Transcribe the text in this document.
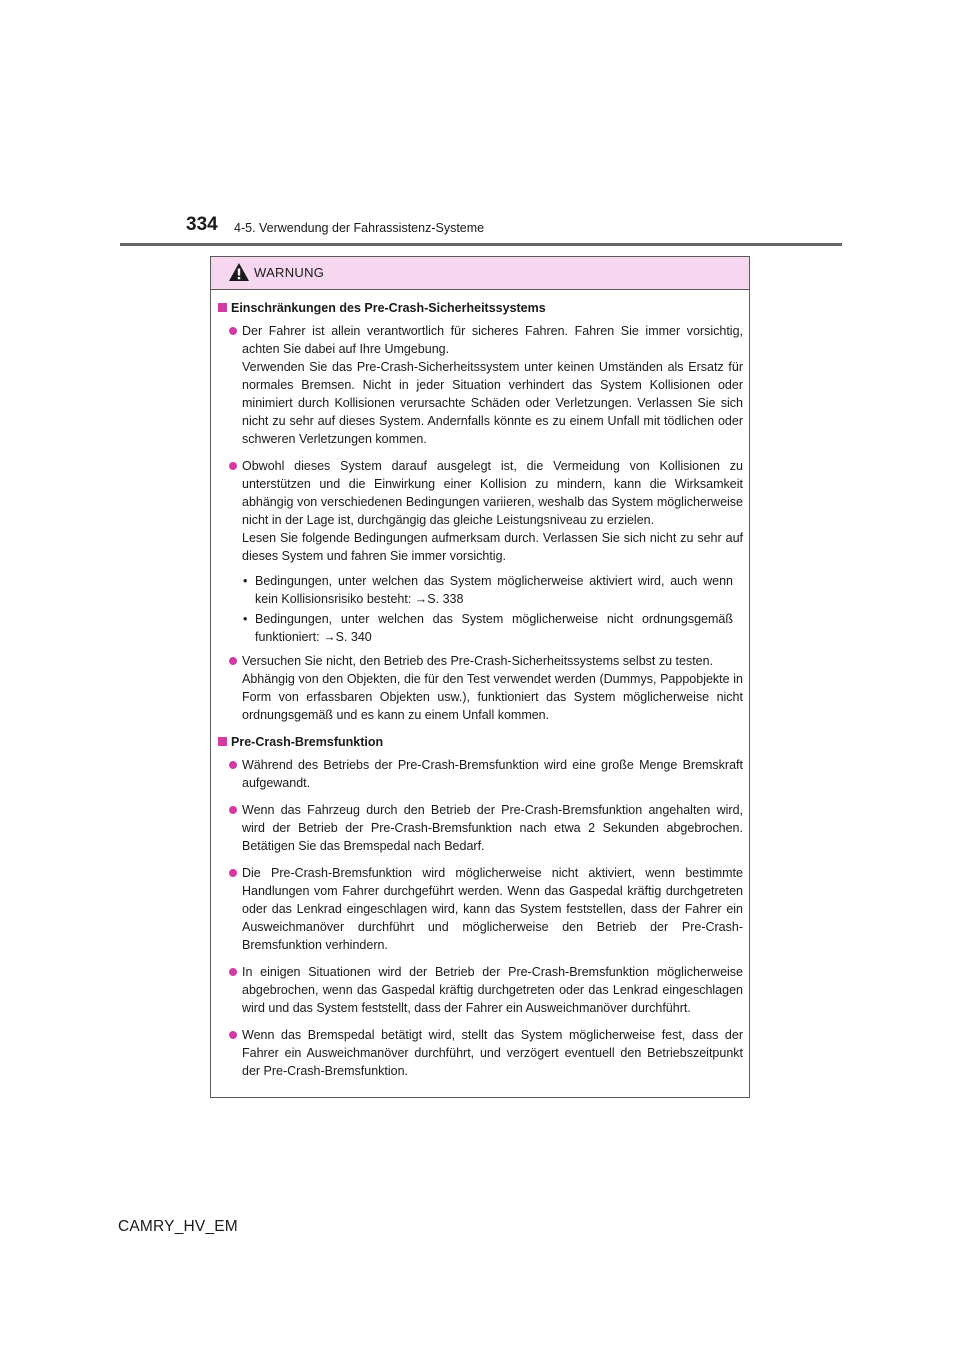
334 4-5. Verwendung der Fahrassistenz-Systeme
WARNUNG
Einschränkungen des Pre-Crash-Sicherheitssystems

Der Fahrer ist allein verantwortlich für sicheres Fahren. Fahren Sie immer vorsichtig, achten Sie dabei auf Ihre Umgebung.

Verwenden Sie das Pre-Crash-Sicherheitssystem unter keinen Umständen als Ersatz für normales Bremsen. Nicht in jeder Situation verhindert das System Kollisionen oder minimiert durch Kollisionen verursachte Schäden oder Verletzungen. Verlassen Sie sich nicht zu sehr auf dieses System. Andernfalls könnte es zu einem Unfall mit tödlichen oder schweren Verletzungen kommen.

Obwohl dieses System darauf ausgelegt ist, die Vermeidung von Kollisionen zu unterstützen und die Einwirkung einer Kollision zu mindern, kann die Wirksamkeit abhängig von verschiedenen Bedingungen variieren, weshalb das System möglicherweise nicht in der Lage ist, durchgängig das gleiche Leistungsniveau zu erzielen.

Lesen Sie folgende Bedingungen aufmerksam durch. Verlassen Sie sich nicht zu sehr auf dieses System und fahren Sie immer vorsichtig.

• Bedingungen, unter welchen das System möglicherweise aktiviert wird, auch wenn kein Kollisionsrisiko besteht: →S. 338
• Bedingungen, unter welchen das System möglicherweise nicht ordnungsgemäß funktioniert: →S. 340

Versuchen Sie nicht, den Betrieb des Pre-Crash-Sicherheitssystems selbst zu testen.

Abhängig von den Objekten, die für den Test verwendet werden (Dummys, Pappobjekte in Form von erfassbaren Objekten usw.), funktioniert das System möglicherweise nicht ordnungsgemäß und es kann zu einem Unfall kommen.

Pre-Crash-Bremsfunktion

Während des Betriebs der Pre-Crash-Bremsfunktion wird eine große Menge Bremskraft aufgewandt.

Wenn das Fahrzeug durch den Betrieb der Pre-Crash-Bremsfunktion angehalten wird, wird der Betrieb der Pre-Crash-Bremsfunktion nach etwa 2 Sekunden abgebrochen. Betätigen Sie das Bremspedal nach Bedarf.

Die Pre-Crash-Bremsfunktion wird möglicherweise nicht aktiviert, wenn bestimmte Handlungen vom Fahrer durchgeführt werden. Wenn das Gaspedal kräftig durchgetreten oder das Lenkrad eingeschlagen wird, kann das System feststellen, dass der Fahrer ein Ausweichmanöver durchführt und möglicherweise den Betrieb der Pre-Crash-Bremsfunktion verhindern.

In einigen Situationen wird der Betrieb der Pre-Crash-Bremsfunktion möglicherweise abgebrochen, wenn das Gaspedal kräftig durchgetreten oder das Lenkrad eingeschlagen wird und das System feststellt, dass der Fahrer ein Ausweichmanöver durchführt.

Wenn das Bremspedal betätigt wird, stellt das System möglicherweise fest, dass der Fahrer ein Ausweichmanöver durchführt, und verzögert eventuell den Betriebszeitpunkt der Pre-Crash-Bremsfunktion.

CAMRY_HV_EM
